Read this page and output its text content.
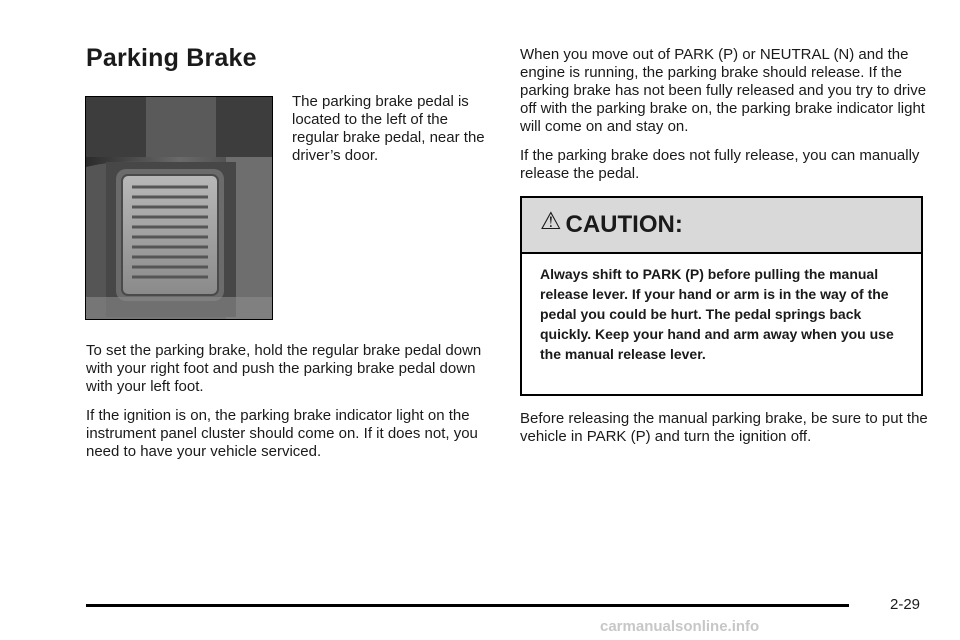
Parking Brake
The parking brake pedal is located to the left of the regular brake pedal, near the driver’s door.

To set the parking brake, hold the regular brake pedal down with your right foot and push the parking brake pedal down with your left foot.

If the ignition is on, the parking brake indicator light on the instrument panel cluster should come on. If it does not, you need to have your vehicle serviced.

When you move out of PARK (P) or NEUTRAL (N) and the engine is running, the parking brake should release. If the parking brake has not been fully released and you try to drive off with the parking brake on, the parking brake indicator light will come on and stay on.

If the parking brake does not fully release, you can manually release the pedal.

⚠ CAUTION:
Always shift to PARK (P) before pulling the manual release lever. If your hand or arm is in the way of the pedal you could be hurt. The pedal springs back quickly. Keep your hand and arm away when you use the manual release lever.
Before releasing the manual parking brake, be sure to put the vehicle in PARK (P) and turn the ignition off.
2-29
carmanualsonline.info
